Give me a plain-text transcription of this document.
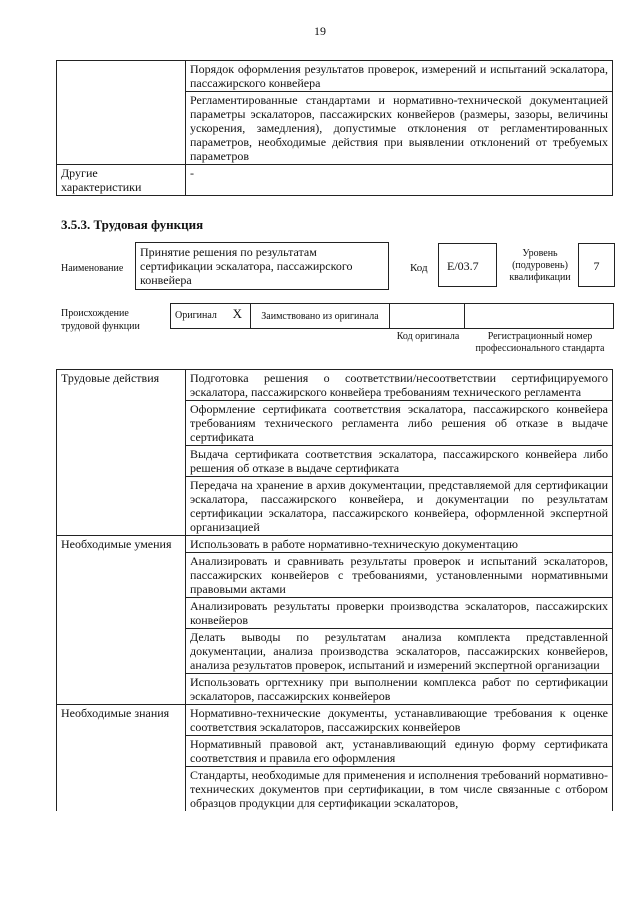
19
	Порядок оформления результатов проверок, измерений и испытаний эскалатора, пассажирского конвейера
	Регламентированные стандартами и нормативно-технической документацией параметры эскалаторов, пассажирских конвейеров (размеры, зазоры, величины ускорения, замедления), допустимые отклонения от регламентированных параметров, необходимые действия при выявлении отклонений от требуемых параметров
Другие характеристики	-
3.5.3. Трудовая функция
Наименование
Принятие решения по результатам сертификации эскалатора, пассажирского конвейера
Код	E/03.7
Уровень (подуровень) квалификации
7
Происхождение трудовой функции
Оригинал X	Заимствовано из оригинала		
Код оригинала	Регистрационный номер профессионального стандарта
Трудовые действия	Подготовка решения о соответствии/несоответствии сертифицируемого эскалатора, пассажирского конвейера требованиям технического регламента
	Оформление сертификата соответствия эскалатора, пассажирского конвейера требованиям технического регламента либо решения об отказе в выдаче сертификата
	Выдача сертификата соответствия эскалатора, пассажирского конвейера либо решения об отказе в выдаче сертификата
	Передача на хранение в архив документации, представляемой для сертификации эскалатора, пассажирского конвейера, и документации по результатам сертификации эскалатора, пассажирского конвейера, оформленной экспертной организацией
Необходимые умения	Использовать в работе нормативно-техническую документацию
	Анализировать и сравнивать результаты проверок и испытаний эскалаторов, пассажирских конвейеров с требованиями, установленными нормативными правовыми актами
	Анализировать результаты проверки производства эскалаторов, пассажирских конвейеров
	Делать выводы по результатам анализа комплекта представленной документации, анализа производства эскалаторов, пассажирских конвейеров, анализа результатов проверок, испытаний и измерений экспертной организации
	Использовать оргтехнику при выполнении комплекса работ по сертификации эскалаторов, пассажирских конвейеров
Необходимые знания	Нормативно-технические документы, устанавливающие требования к оценке соответствия эскалаторов, пассажирских конвейеров
	Нормативный правовой акт, устанавливающий единую форму сертификата соответствия и правила его оформления
	Стандарты, необходимые для применения и исполнения требований нормативно-технических документов при сертификации, в том числе связанные с отбором образцов продукции для сертификации эскалаторов,
